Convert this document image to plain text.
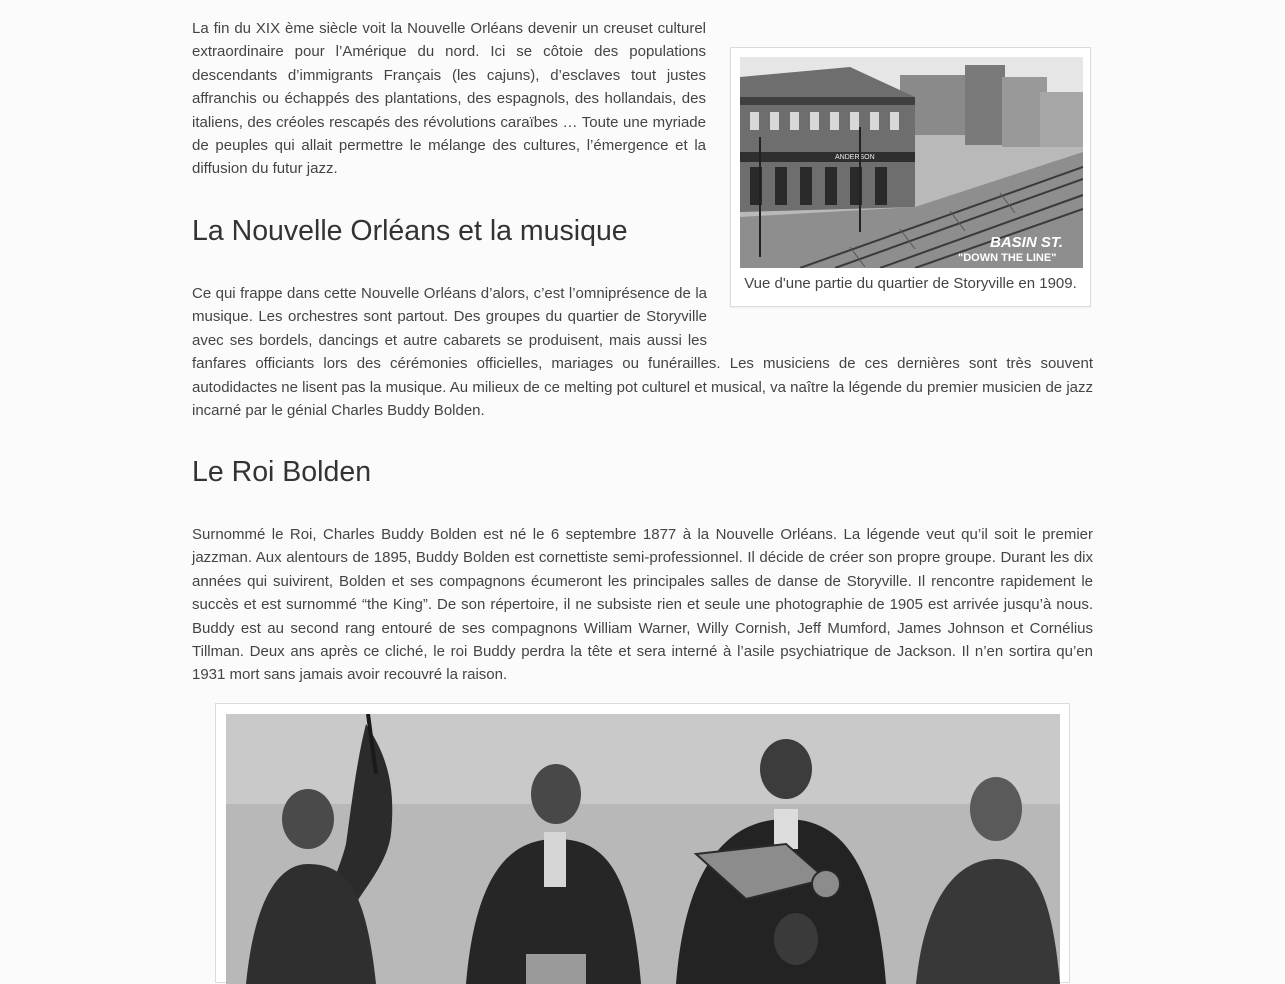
La fin du XIX ème siècle voit la Nouvelle Orléans devenir un creuset culturel extraordinaire pour l’Amérique du nord. Ici se côtoie des populations descendants d’immigrants Français (les cajuns), d’esclaves tout justes affranchis ou échappés des plantations, des espagnols, des hollandais, des italiens, des créoles rescapés des révolutions caraïbes … Toute une myriade de peuples qui allait permettre le mélange des cultures, l’émergence et la diffusion du futur jazz.

La Nouvelle Orléans et la musique

Ce qui frappe dans cette Nouvelle Orléans d’alors, c’est l’omniprésence de la musique. Les orchestres sont partout. Des groupes du quartier de Storyville avec ses bordels, dancings et autre cabarets se produisent, mais aussi les fanfares officiants lors des cérémonies officielles, mariages ou funérailles. Les musiciens de ces dernières sont très souvent autodidactes ne lisent pas la musique. Au milieux de ce melting pot culturel et musical, va naître la légende du premier musicien de jazz incarné par le génial Charles Buddy Bolden.

Le Roi Bolden

Surnommé le Roi, Charles Buddy Bolden est né le 6 septembre 1877 à la Nouvelle Orléans. La légende veut qu’il soit le premier jazzman. Aux alentours de 1895, Buddy Bolden est cornettiste semi-professionnel. Il décide de créer son propre groupe. Durant les dix années qui suivirent, Bolden et ses compagnons écumeront les principales salles de danse de Storyville. Il rencontre rapidement le succès et est surnommé “the King”. De son répertoire, il ne subsiste rien et seule une photographie de 1905 est arrivée jusqu’à nous. Buddy est au second rang entouré de ses compagnons William Warner, Willy Cornish, Jeff Mumford, James Johnson et Cornélius Tillman. Deux ans après ce cliché, le roi Buddy perdra la tête et sera interné à l’asile psychiatrique de Jackson. Il n’en sortira qu’en 1931 mort sans jamais avoir recouvré la raison.

ANDERSON
BASIN ST.
"DOWN THE LINE"
Vue d'une partie du quartier de Storyville en 1909.
